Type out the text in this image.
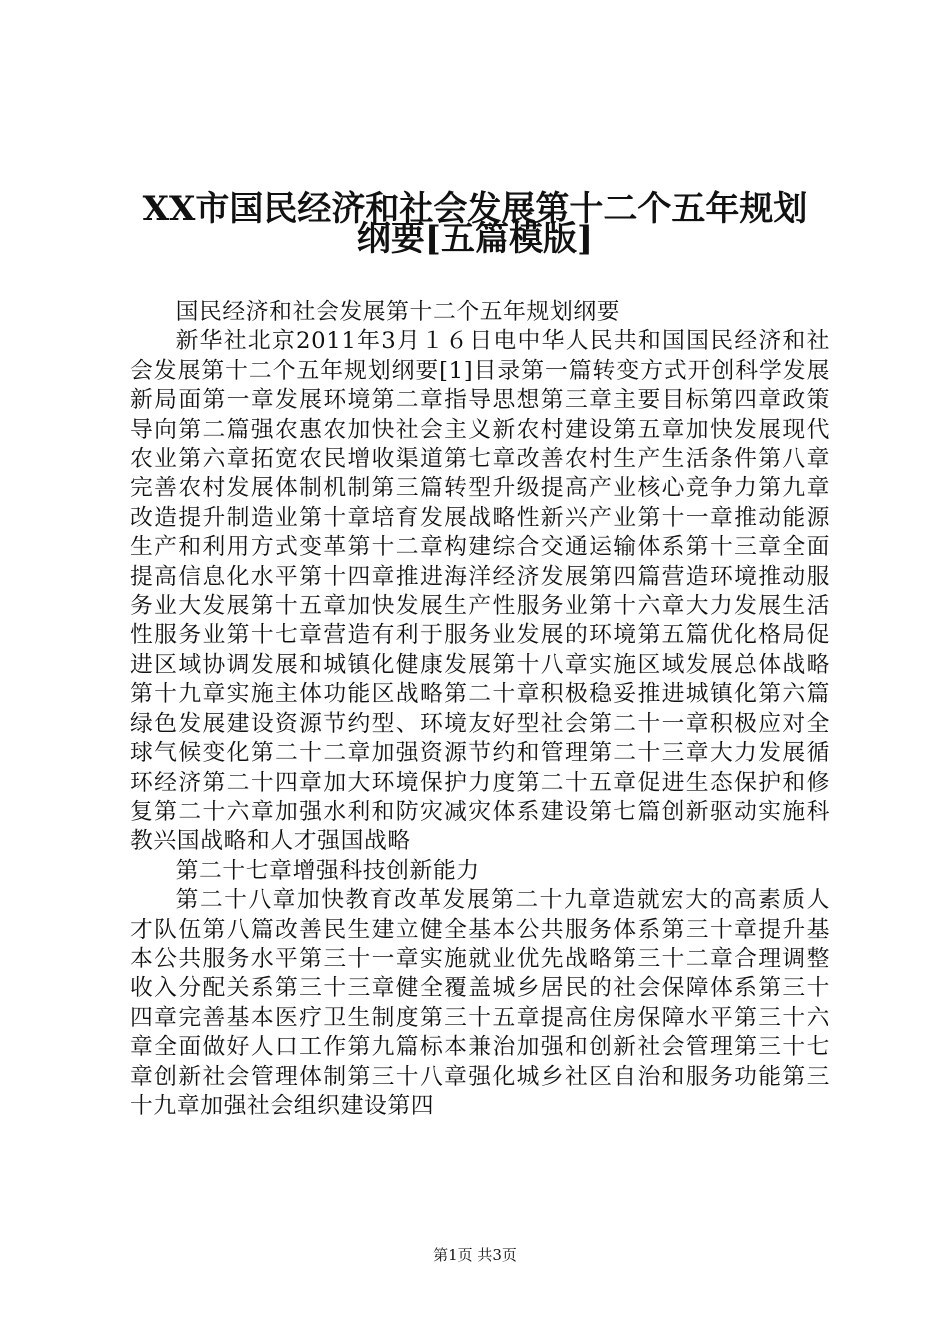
XX市国民经济和社会发展第十二个五年规划
纲要[五篇模版]

国民经济和社会发展第十二个五年规划纲要

新华社北京2011年3月１６日电中华人民共和国国民经济和社会发展第十二个五年规划纲要[1]目录第一篇转变方式开创科学发展新局面第一章发展环境第二章指导思想第三章主要目标第四章政策导向第二篇强农惠农加快社会主义新农村建设第五章加快发展现代农业第六章拓宽农民增收渠道第七章改善农村生产生活条件第八章完善农村发展体制机制第三篇转型升级提高产业核心竞争力第九章改造提升制造业第十章培育发展战略性新兴产业第十一章推动能源生产和利用方式变革第十二章构建综合交通运输体系第十三章全面提高信息化水平第十四章推进海洋经济发展第四篇营造环境推动服务业大发展第十五章加快发展生产性服务业第十六章大力发展生活性服务业第十七章营造有利于服务业发展的环境第五篇优化格局促进区域协调发展和城镇化健康发展第十八章实施区域发展总体战略第十九章实施主体功能区战略第二十章积极稳妥推进城镇化第六篇绿色发展建设资源节约型、环境友好型社会第二十一章积极应对全球气候变化第二十二章加强资源节约和管理第二十三章大力发展循环经济第二十四章加大环境保护力度第二十五章促进生态保护和修复第二十六章加强水利和防灾减灾体系建设第七篇创新驱动实施科教兴国战略和人才强国战略

第二十七章增强科技创新能力

第二十八章加快教育改革发展第二十九章造就宏大的高素质人才队伍第八篇改善民生建立健全基本公共服务体系第三十章提升基本公共服务水平第三十一章实施就业优先战略第三十二章合理调整收入分配关系第三十三章健全覆盖城乡居民的社会保障体系第三十四章完善基本医疗卫生制度第三十五章提高住房保障水平第三十六章全面做好人口工作第九篇标本兼治加强和创新社会管理第三十七章创新社会管理体制第三十八章强化城乡社区自治和服务功能第三十九章加强社会组织建设第四

第1页 共3页
